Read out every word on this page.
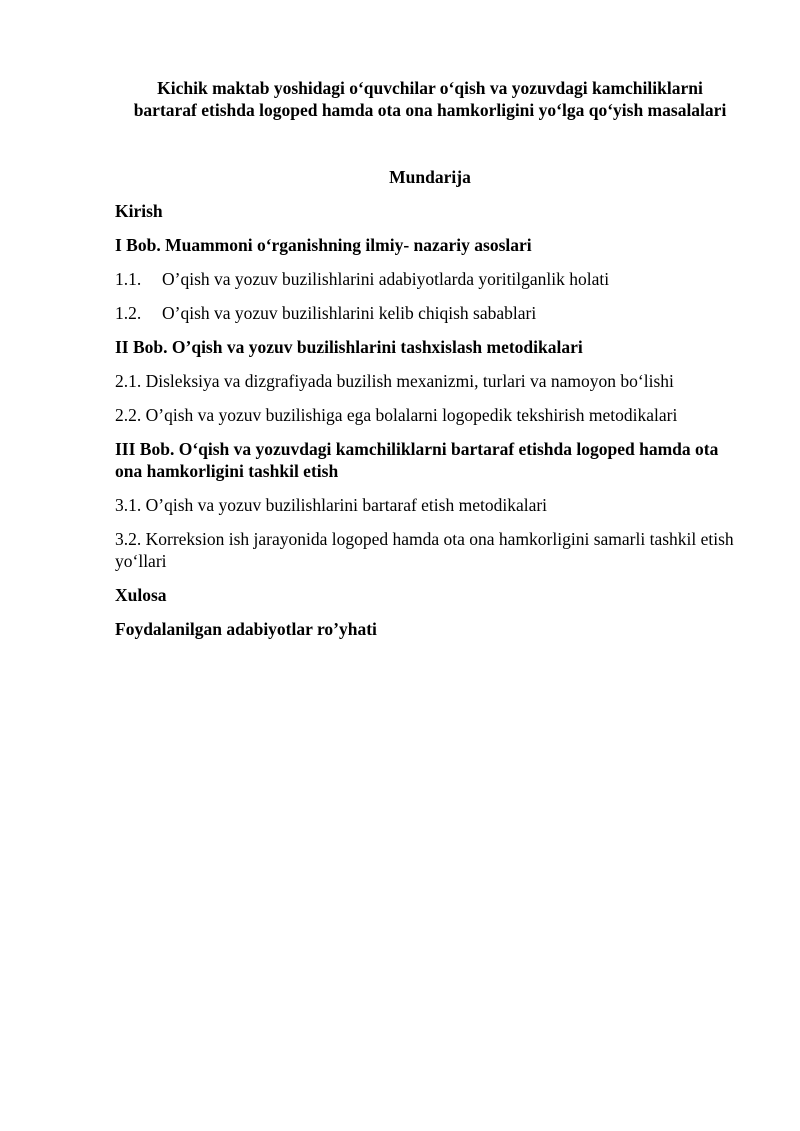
Kichik maktab yoshidagi o‘quvchilar o‘qish va yozuvdagi kamchiliklarni bartaraf etishda logoped hamda ota ona hamkorligini yo‘lga qo‘yish masalalari
Mundarija
Kirish
I Bob. Muammoni o‘rganishning ilmiy- nazariy asoslari
1.1.	O’qish va yozuv buzilishlarini adabiyotlarda yoritilganlik holati
1.2.	O’qish va yozuv buzilishlarini kelib chiqish sabablari
II Bob. O’qish va yozuv buzilishlarini tashxislash metodikalari
2.1. Disleksiya va dizgrafiyada buzilish mexanizmi, turlari va namoyon bo‘lishi
2.2. O’qish va yozuv buzilishiga ega bolalarni logopedik tekshirish metodikalari
III Bob. O‘qish va yozuvdagi kamchiliklarni bartaraf etishda logoped hamda ota ona hamkorligini tashkil etish
3.1. O’qish va yozuv buzilishlarini bartaraf etish metodikalari
3.2. Korreksion ish jarayonida logoped hamda ota ona hamkorligini samarli tashkil etish yo‘llari
Xulosa
Foydalanilgan adabiyotlar ro’yhati
